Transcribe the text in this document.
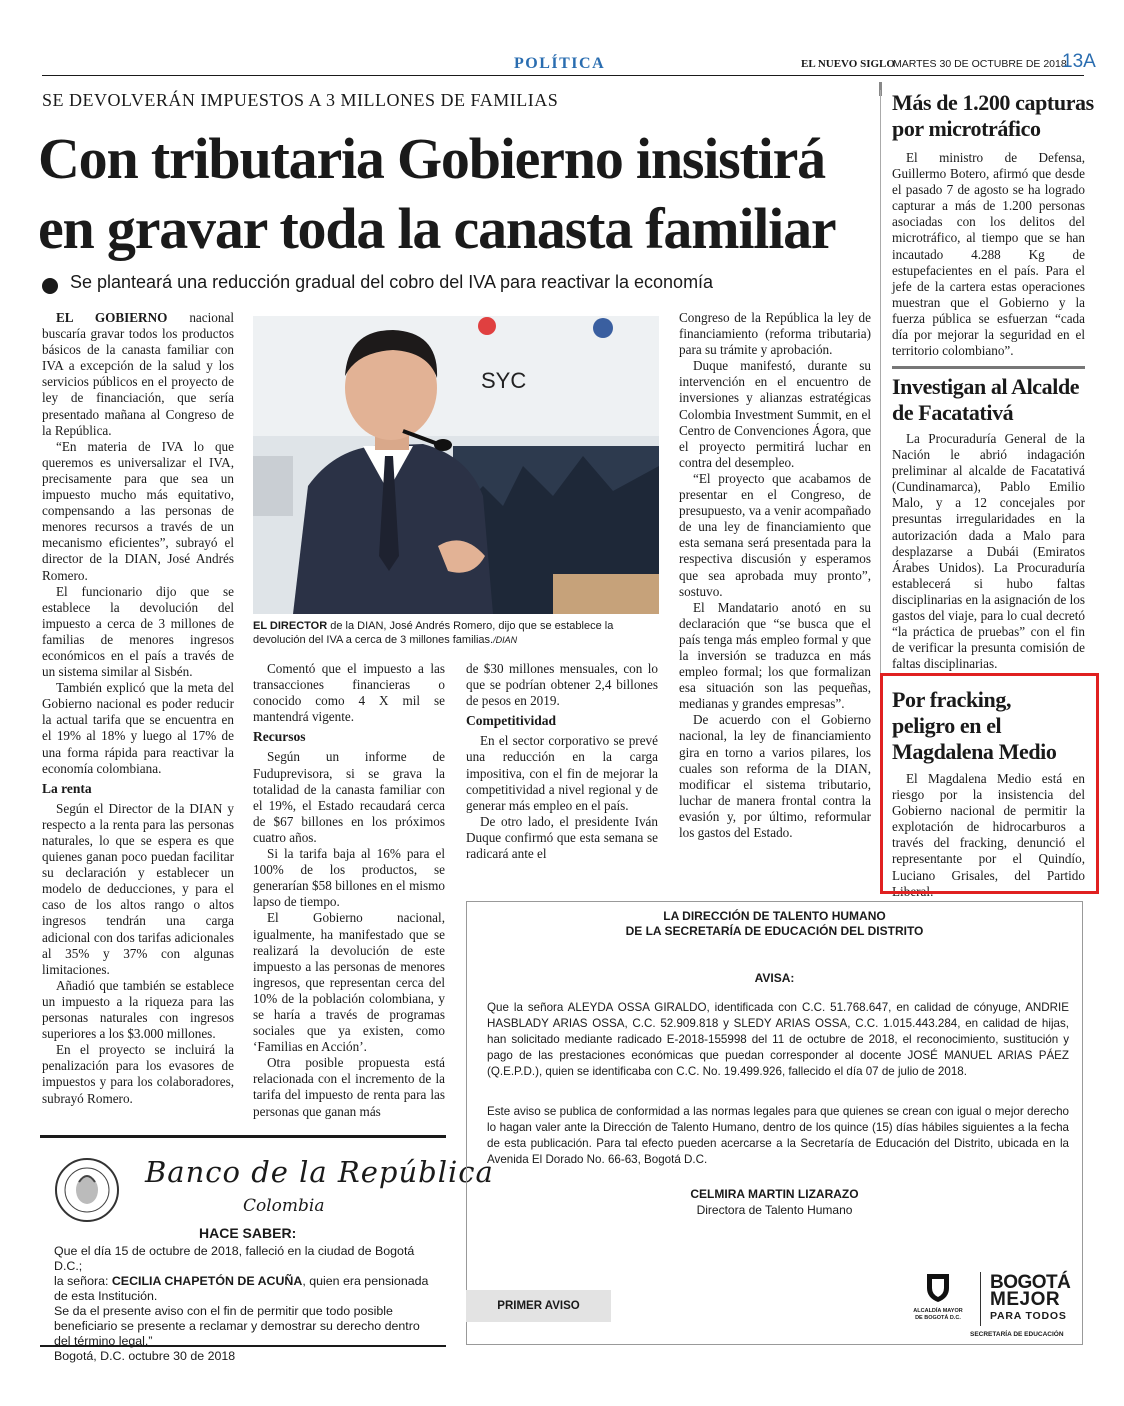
POLÍTICA	EL NUEVO SIGLO
MARTES 30 DE OCTUBRE DE 2018
13A
SE DEVOLVERÁN IMPUESTOS A 3 MILLONES DE FAMILIAS
Con tributaria Gobierno insistirá
en gravar toda la canasta familiar
Se planteará una reducción gradual del cobro del IVA para reactivar la economía

EL GOBIERNO nacional buscaría gravar todos los productos básicos de la canasta familiar con IVA a excepción de la salud y los servicios públicos en el proyecto de ley de financiación, que sería presentado mañana al Congreso de la República.

“En materia de IVA lo que queremos es universalizar el IVA, precisamente para que sea un impuesto mucho más equitativo, compensando a las personas de menores recursos a través de un mecanismo eficientes”, subrayó el director de la DIAN, José Andrés Romero.

El funcionario dijo que se establece la devolución del impuesto a cerca de 3 millones de familias de menores ingresos económicos en el país a través de un sistema similar al Sisbén.

También explicó que la meta del Gobierno nacional es poder reducir la actual tarifa que se encuentra en el 19% al 18% y luego al 17% de una forma rápida para reactivar la economía colombiana.

La renta

Según el Director de la DIAN y respecto a la renta para las personas naturales, lo que se espera es que quienes ganan poco puedan facilitar su declaración y establecer un modelo de deducciones, y para el caso de los altos rango o altos ingresos tendrán una carga adicional con dos tarifas adicionales al 35% y 37% con algunas limitaciones.

Añadió que también se establece un impuesto a la riqueza para las personas naturales con ingresos superiores a los $3.000 millones.

En el proyecto se incluirá la penalización para los evasores de impuestos y para los colaboradores, subrayó Romero.

SYC
EL DIRECTOR de la DIAN, José Andrés Romero, dijo que se establece la devolución del IVA a cerca de 3 millones familias./DIAN

Comentó que el impuesto a las transacciones financieras o conocido como 4 X mil se mantendrá vigente.

Recursos

Según un informe de Fuduprevisora, si se grava la totalidad de la canasta familiar con el 19%, el Estado recaudará cerca de $67 billones en los próximos cuatro años.

Si la tarifa baja al 16% para el 100% de los productos, se generarían $58 billones en el mismo lapso de tiempo.

El Gobierno nacional, igualmente, ha manifestado que se realizará la devolución de este impuesto a las personas de menores ingresos, que representan cerca del 10% de la población colombiana, y se haría a través de programas sociales que ya existen, como ‘Familias en Acción’.

Otra posible propuesta está relacionada con el incremento de la tarifa del impuesto de renta para las personas que ganan más

de $30 millones mensuales, con lo que se podrían obtener 2,4 billones de pesos en 2019.

Competitividad

En el sector corporativo se prevé una reducción en la carga impositiva, con el fin de mejorar la competitividad a nivel regional y de generar más empleo en el país.

De otro lado, el presidente Iván Duque confirmó que esta semana se radicará ante el

Congreso de la República la ley de financiamiento (reforma tributaria) para su trámite y aprobación.

Duque manifestó, durante su intervención en el encuentro de inversiones y alianzas estratégicas Colombia Investment Summit, en el Centro de Convenciones Ágora, que el proyecto permitirá luchar en contra del desempleo.

“El proyecto que acabamos de presentar en el Congreso, de presupuesto, va a venir acompañado de una ley de financiamiento que esta semana será presentada para la respectiva discusión y esperamos que sea aprobada muy pronto”, sostuvo.

El Mandatario anotó en su declaración que “se busca que el país tenga más empleo formal y que la inversión se traduzca en más empleo formal; los que formalizan esa situación son las pequeñas, medianas y grandes empresas”.

De acuerdo con el Gobierno nacional, la ley de financiamiento gira en torno a varios pilares, los cuales son reforma de la DIAN, modificar el sistema tributario, luchar de manera frontal contra la evasión y, por último, reformular los gastos del Estado.

Más de 1.200 capturas
por microtráfico

El ministro de Defensa, Guillermo Botero, afirmó que desde el pasado 7 de agosto se ha logrado capturar a más de 1.200 personas asociadas con los delitos del microtráfico, al tiempo que se han incautado 4.288 Kg de estupefacientes en el país. Para el jefe de la cartera estas operaciones muestran que el Gobierno y la fuerza pública se esfuerzan “cada día por mejorar la seguridad en el territorio colombiano”.

Investigan al Alcalde
de Facatativá

La Procuraduría General de la Nación le abrió indagación preliminar al alcalde de Facatativá (Cundinamarca), Pablo Emilio Malo, y a 12 concejales por presuntas irregularidades en la autorización dada a Malo para desplazarse a Dubái (Emiratos Árabes Unidos). La Procuraduría establecerá si hubo faltas disciplinarias en la asignación de los gastos del viaje, para lo cual decretó “la práctica de pruebas” con el fin de verificar la presunta comisión de faltas disciplinarias.

Por fracking,
peligro en el
Magdalena Medio

El Magdalena Medio está en riesgo por la insistencia del Gobierno nacional de permitir la explotación de hidrocarburos a través del fracking, denunció el representante por el Quindío, Luciano Grisales, del Partido Liberal.

Banco de la República
Colombia
HACE SABER:
Que el día 15 de octubre de 2018, falleció en la ciudad de Bogotá D.C.;
la señora: CECILIA CHAPETÓN DE ACUÑA, quien era pensionada de esta Institución.
Se da el presente aviso con el fin de permitir que todo posible beneficiario se presente a reclamar y demostrar su derecho dentro del término legal.”
Bogotá, D.C. octubre 30 de 2018
LA DIRECCIÓN DE TALENTO HUMANO
DE LA SECRETARÍA DE EDUCACIÓN DEL DISTRITO
AVISA:
Que la señora ALEYDA OSSA GIRALDO, identificada con C.C. 51.768.647, en calidad de cónyuge, ANDRIE HASBLADY ARIAS OSSA, C.C. 52.909.818 y SLEDY ARIAS OSSA, C.C. 1.015.443.284, en calidad de hijas, han solicitado mediante radicado E-2018-155998 del 11 de octubre de 2018, el reconocimiento, sustitución y pago de las prestaciones económicas que puedan corresponder al docente JOSÉ MANUEL ARIAS PÁEZ (Q.E.P.D.), quien se identificaba con C.C. No. 19.499.926, fallecido el día 07 de julio de 2018.
Este aviso se publica de conformidad a las normas legales para que quienes se crean con igual o mejor derecho lo hagan valer ante la Dirección de Talento Humano, dentro de los quince (15) días hábiles siguientes a la fecha de esta publicación. Para tal efecto pueden acercarse a la Secretaría de Educación del Distrito, ubicada en la Avenida El Dorado No. 66-63, Bogotá D.C.
CELMIRA MARTIN LIZARAZO
Directora de Talento Humano
PRIMER AVISO	ALCALDÍA MAYOR DE BOGOTÁ D.C.
BOGOTÁ
MEJOR
PARA TODOS
SECRETARÍA DE EDUCACIÓN
